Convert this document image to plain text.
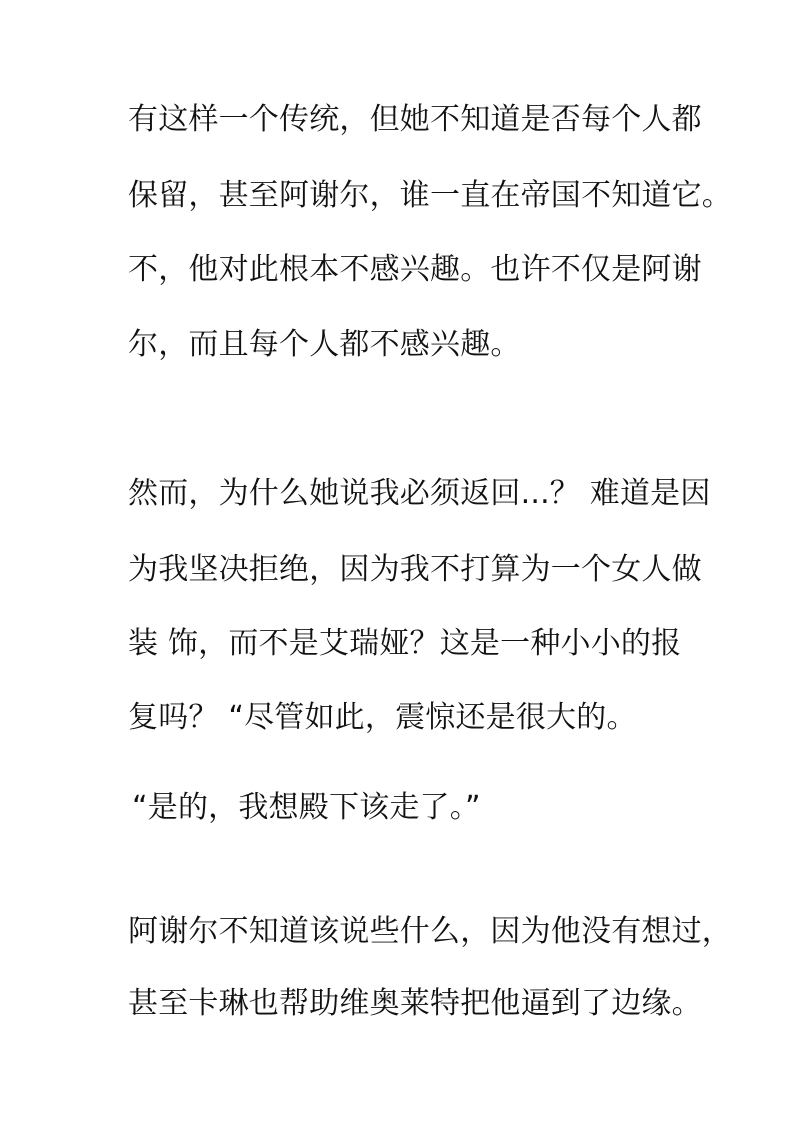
有这样一个传统，但她不知道是否每个人都

保留，甚至阿谢尔，谁一直在帝国不知道它。

不，他对此根本不感兴趣。也许不仅是阿谢

尔，而且每个人都不感兴趣。

然而，为什么她说我必须返回...？ 难道是因

为我坚决拒绝，因为我不打算为一个女人做

装 饰，而不是艾瑞娅？这是一种小小的报

复吗？ “尽管如此，震惊还是很大的。

“是的，我想殿下该走了。”

阿谢尔不知道该说些什么，因为他没有想过，

甚至卡琳也帮助维奥莱特把他逼到了边缘。
